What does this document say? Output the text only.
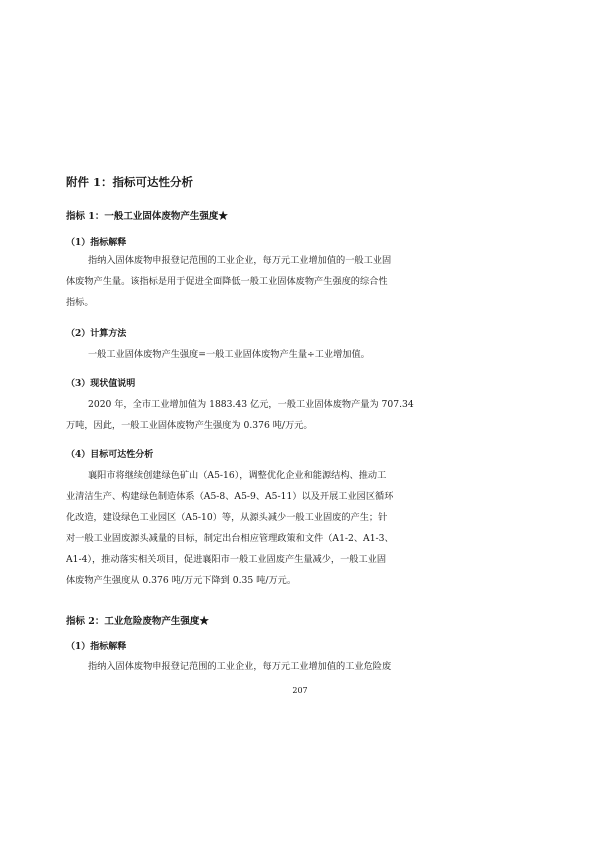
附件 1：指标可达性分析
指标 1：一般工业固体废物产生强度★
（1）指标解释
指纳入固体废物申报登记范围的工业企业，每万元工业增加值的一般工业固
体废物产生量。该指标是用于促进全面降低一般工业固体废物产生强度的综合性
指标。
（2）计算方法
一般工业固体废物产生强度=一般工业固体废物产生量÷工业增加值。
（3）现状值说明
2020 年，全市工业增加值为 1883.43 亿元，一般工业固体废物产量为 707.34
万吨，因此，一般工业固体废物产生强度为 0.376 吨/万元。
（4）目标可达性分析
襄阳市将继续创建绿色矿山（A5-16），调整优化企业和能源结构、推动工
业清洁生产、构建绿色制造体系（A5-8、A5-9、A5-11）以及开展工业园区循环
化改造，建设绿色工业园区（A5-10）等，从源头减少一般工业固废的产生；针
对一般工业固废源头减量的目标，制定出台相应管理政策和文件（A1-2、A1-3、
A1-4），推动落实相关项目，促进襄阳市一般工业固废产生量减少，一般工业固
体废物产生强度从 0.376 吨/万元下降到 0.35 吨/万元。
指标 2：工业危险废物产生强度★
（1）指标解释
指纳入固体废物申报登记范围的工业企业，每万元工业增加值的工业危险废
207
